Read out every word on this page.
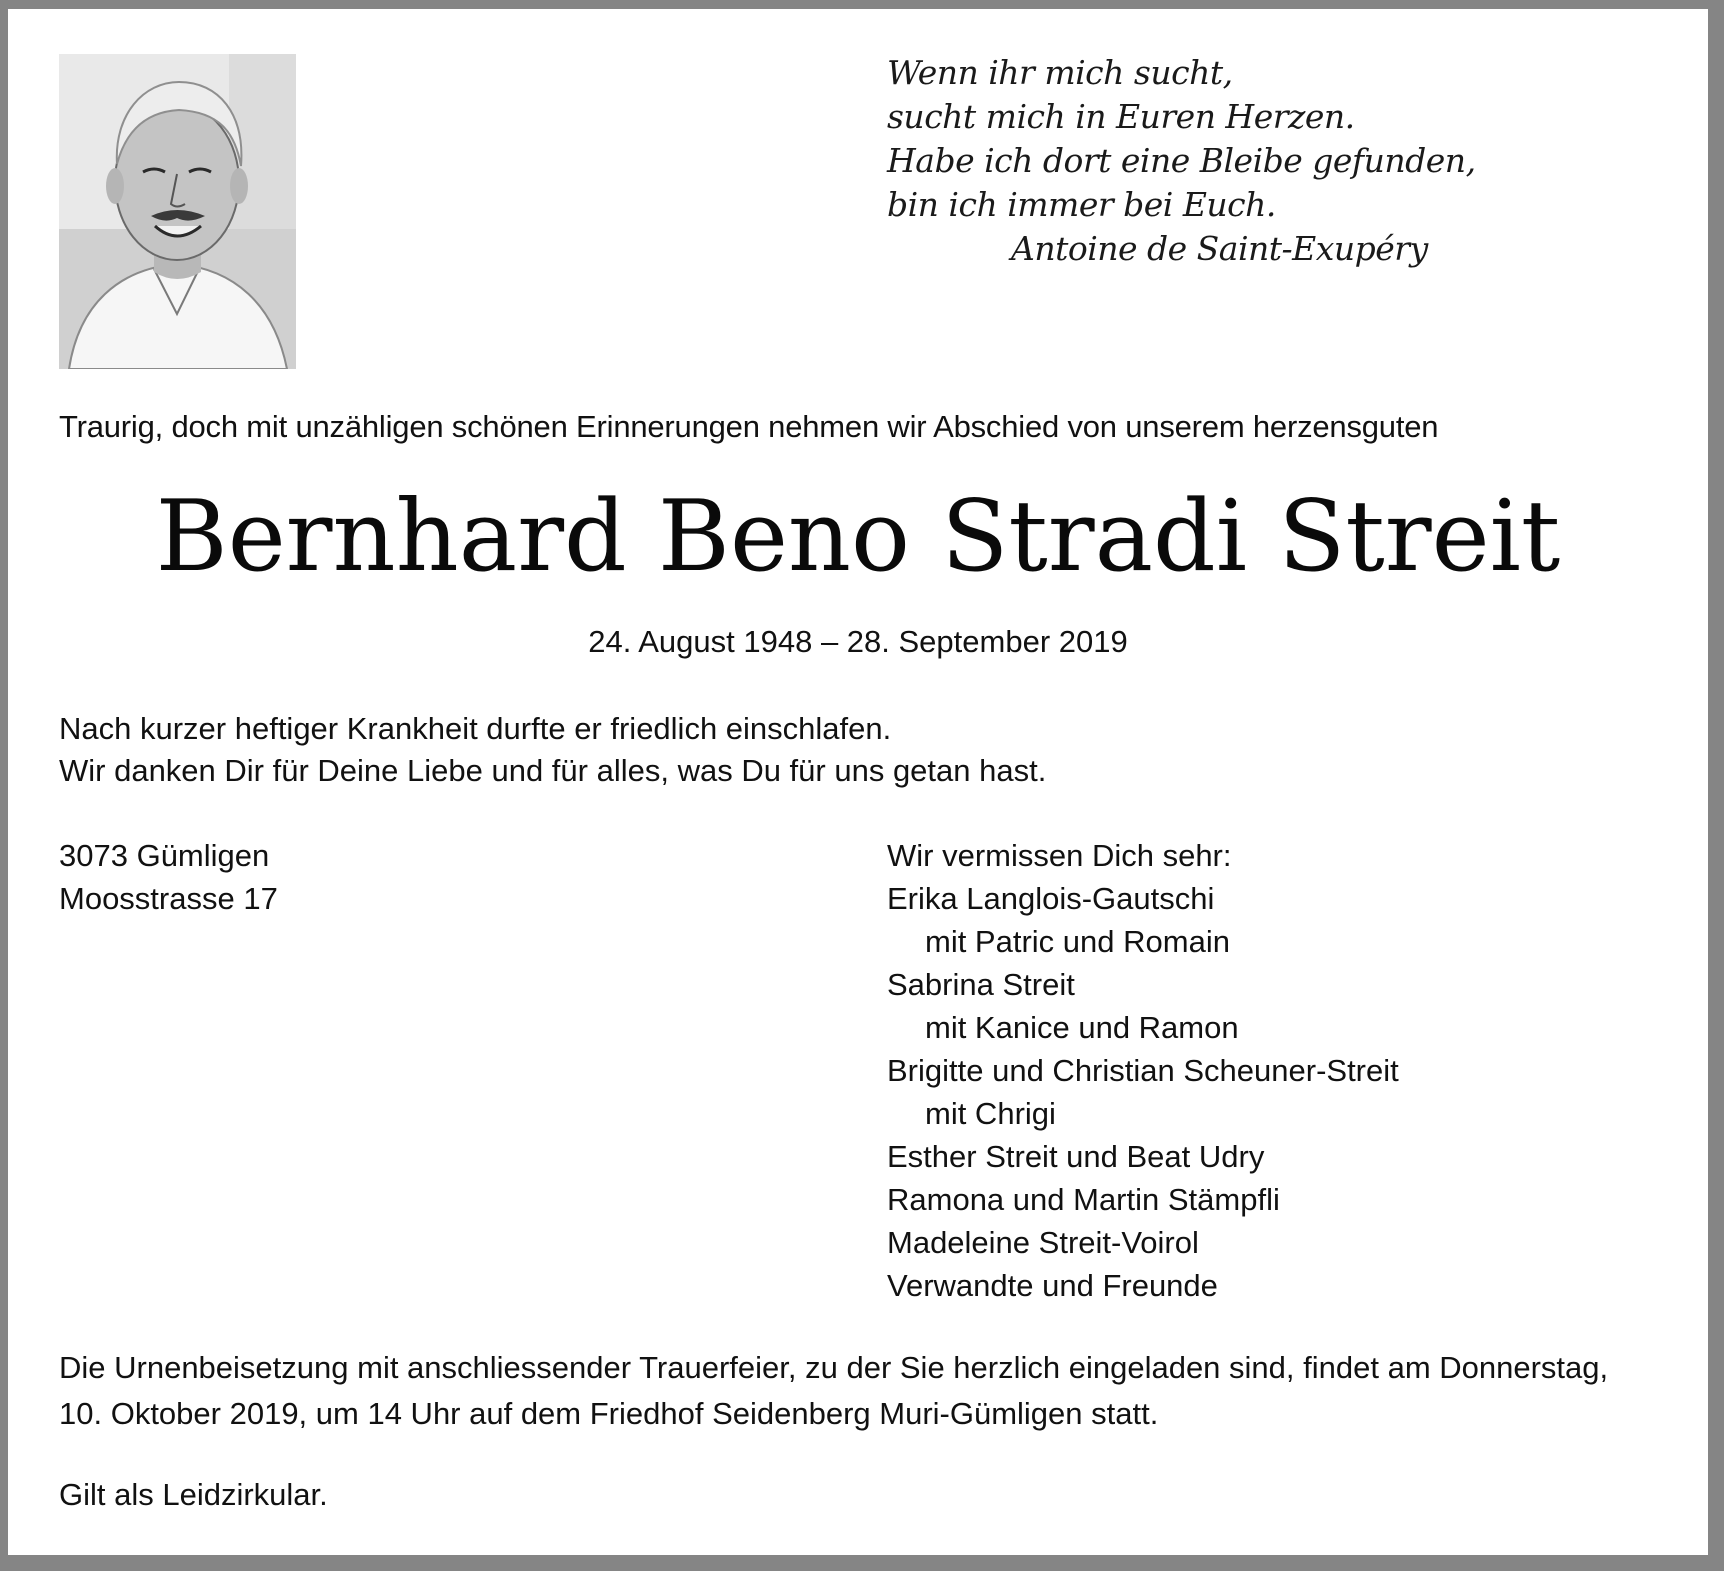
Wenn ihr mich sucht,
sucht mich in Euren Herzen.
Habe ich dort eine Bleibe gefunden,
bin ich immer bei Euch.
Antoine de Saint-Exupéry
Traurig, doch mit unzähligen schönen Erinnerungen nehmen wir Abschied von unserem herzensguten
Bernhard Beno Stradi Streit
24. August 1948 – 28. September 2019
Nach kurzer heftiger Krankheit durfte er friedlich einschlafen.
Wir danken Dir für Deine Liebe und für alles, was Du für uns getan hast.
3073 Gümligen
Moosstrasse 17
Wir vermissen Dich sehr:
Erika Langlois-Gautschi
mit Patric und Romain
Sabrina Streit
mit Kanice und Ramon
Brigitte und Christian Scheuner-Streit
mit Chrigi
Esther Streit und Beat Udry
Ramona und Martin Stämpfli
Madeleine Streit-Voirol
Verwandte und Freunde
Die Urnenbeisetzung mit anschliessender Trauerfeier, zu der Sie herzlich eingeladen sind, findet am Donnerstag,
10. Oktober 2019, um 14 Uhr auf dem Friedhof Seidenberg Muri-Gümligen statt.
Gilt als Leidzirkular.
